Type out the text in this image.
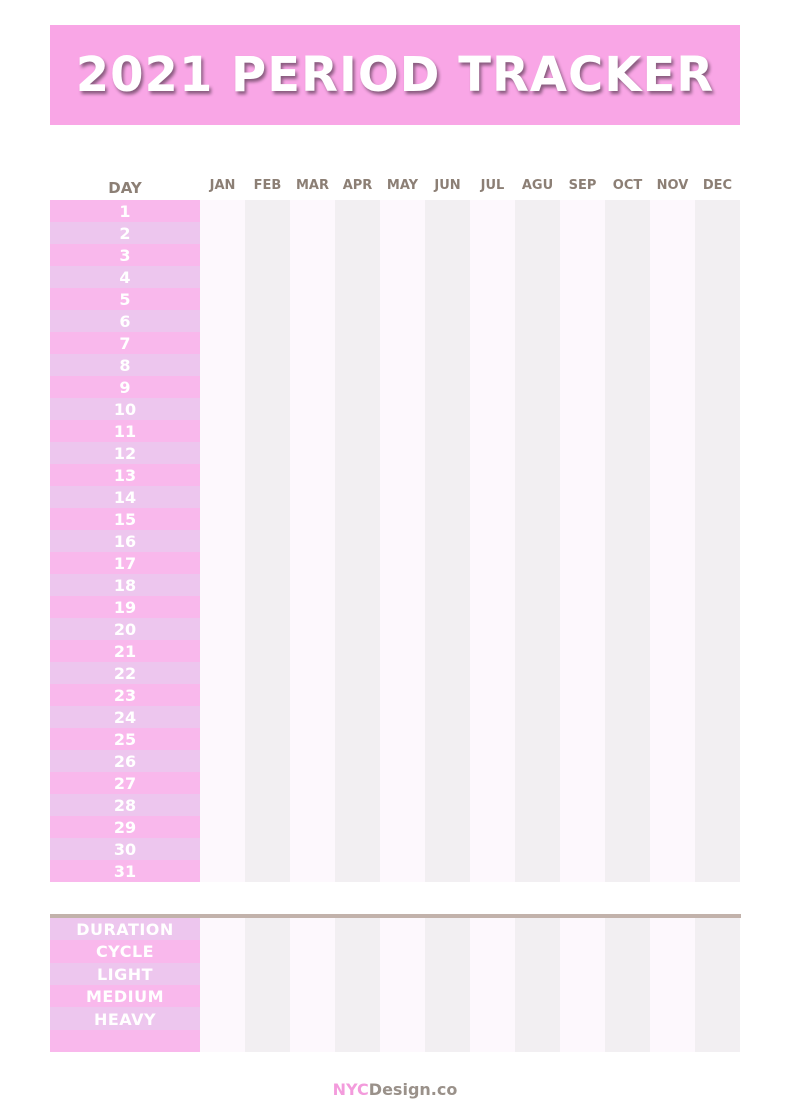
2021 PERIOD TRACKER
DAY	JAN	FEB	MAR	APR	MAY	JUN	JUL	AGU	SEP	OCT	NOV	DEC
1
2
3
4
5
6
7
8
9
10
11
12
13
14
15
16
17
18
19
20
21
22
23
24
25
26
27
28
29
30
31
DURATION
CYCLE
LIGHT
MEDIUM
HEAVY
NYCDesign.co
